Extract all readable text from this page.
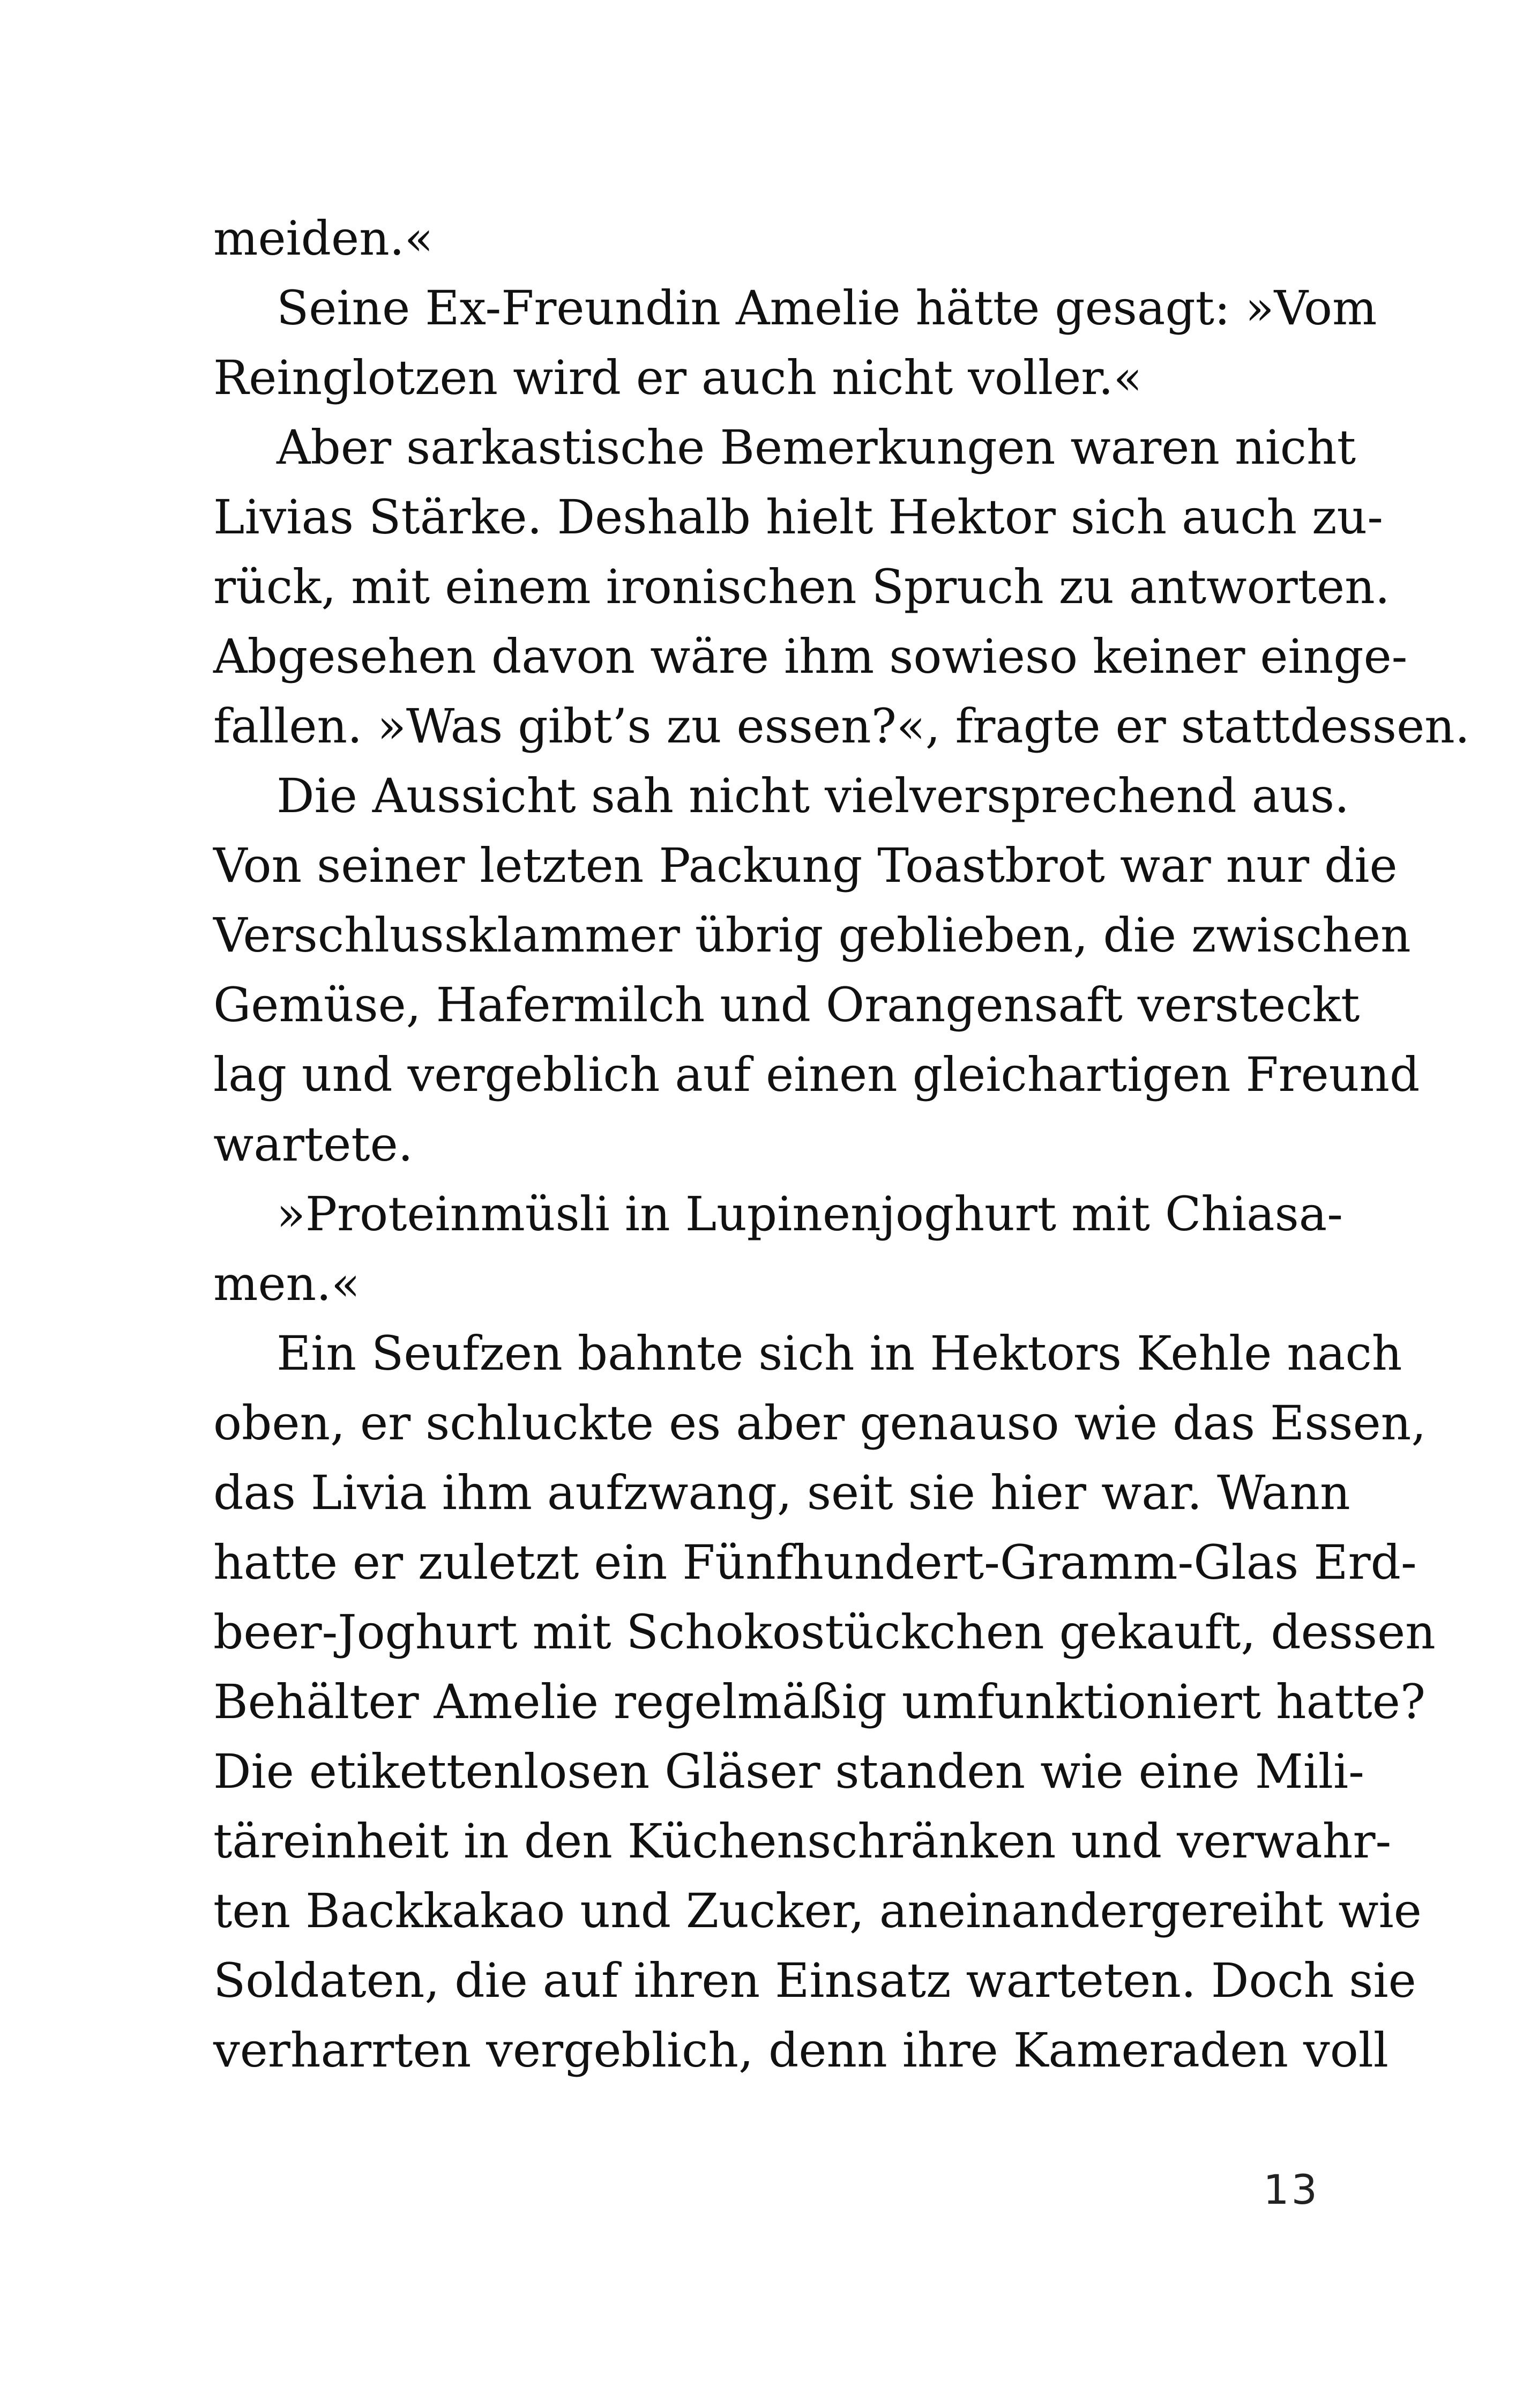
meiden.«
Seine Ex-Freundin Amelie hätte gesagt: »Vom
Reinglotzen wird er auch nicht voller.«
Aber sarkastische Bemerkungen waren nicht
Livias Stärke. Deshalb hielt Hektor sich auch zu-
rück, mit einem ironischen Spruch zu antworten.
Abgesehen davon wäre ihm sowieso keiner einge-
fallen. »Was gibt’s zu essen?«, fragte er stattdessen.
Die Aussicht sah nicht vielversprechend aus.
Von seiner letzten Packung Toastbrot war nur die
Verschlussklammer übrig geblieben, die zwischen
Gemüse, Hafermilch und Orangensaft versteckt
lag und vergeblich auf einen gleichartigen Freund
wartete.
»Proteinmüsli in Lupinenjoghurt mit Chiasa-
men.«
Ein Seufzen bahnte sich in Hektors Kehle nach
oben, er schluckte es aber genauso wie das Essen,
das Livia ihm aufzwang, seit sie hier war. Wann
hatte er zuletzt ein Fünfhundert-Gramm-Glas Erd-
beer-Joghurt mit Schokostückchen gekauft, dessen
Behälter Amelie regelmäßig umfunktioniert hatte?
Die etikettenlosen Gläser standen wie eine Mili-
täreinheit in den Küchenschränken und verwahr-
ten Backkakao und Zucker, aneinandergereiht wie
Soldaten, die auf ihren Einsatz warteten. Doch sie
verharrten vergeblich, denn ihre Kameraden voll
13
